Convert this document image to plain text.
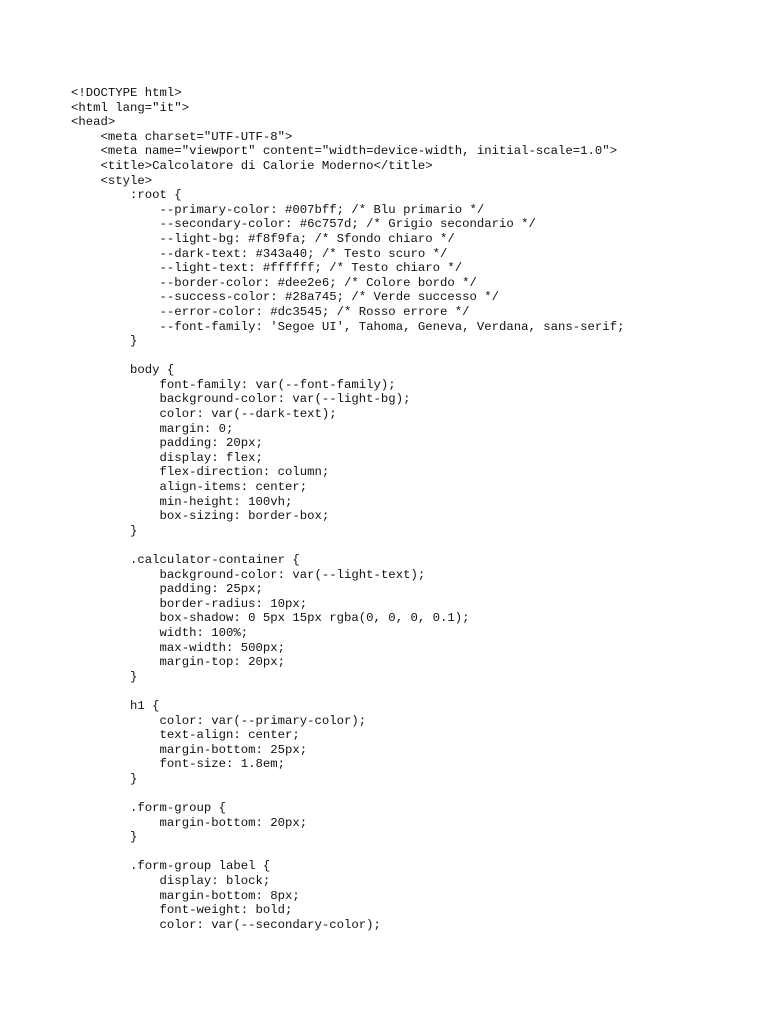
<!DOCTYPE html>
<html lang="it">
<head>
<meta charset="UTF-UTF-8">
<meta name="viewport" content="width=device-width, initial-scale=1.0">
<title>Calcolatore di Calorie Moderno</title>
<style>
:root {
--primary-color: #007bff; /* Blu primario */
--secondary-color: #6c757d; /* Grigio secondario */
--light-bg: #f8f9fa; /* Sfondo chiaro */
--dark-text: #343a40; /* Testo scuro */
--light-text: #ffffff; /* Testo chiaro */
--border-color: #dee2e6; /* Colore bordo */
--success-color: #28a745; /* Verde successo */
--error-color: #dc3545; /* Rosso errore */
--font-family: 'Segoe UI', Tahoma, Geneva, Verdana, sans-serif;
}
body {
font-family: var(--font-family);
background-color: var(--light-bg);
color: var(--dark-text);
margin: 0;
padding: 20px;
display: flex;
flex-direction: column;
align-items: center;
min-height: 100vh;
box-sizing: border-box;
}
.calculator-container {
background-color: var(--light-text);
padding: 25px;
border-radius: 10px;
box-shadow: 0 5px 15px rgba(0, 0, 0, 0.1);
width: 100%;
max-width: 500px;
margin-top: 20px;
}
h1 {
color: var(--primary-color);
text-align: center;
margin-bottom: 25px;
font-size: 1.8em;
}
.form-group {
margin-bottom: 20px;
}
.form-group label {
display: block;
margin-bottom: 8px;
font-weight: bold;
color: var(--secondary-color);
